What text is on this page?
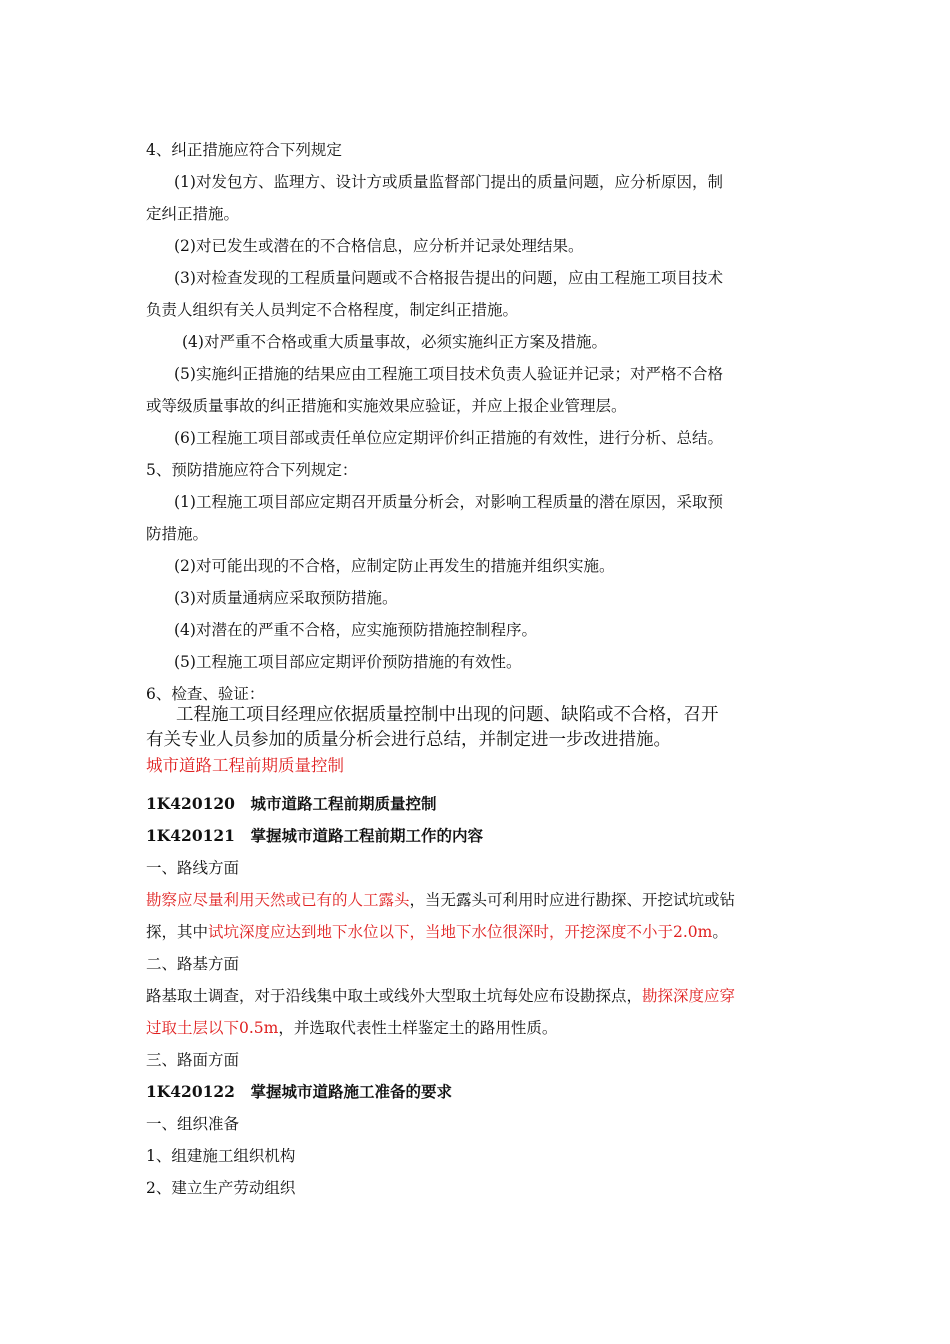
4、纠正措施应符合下列规定
(1)对发包方、监理方、设计方或质量监督部门提出的质量问题，应分析原因，制
定纠正措施。
(2)对已发生或潜在的不合格信息，应分析并记录处理结果。
(3)对检查发现的工程质量问题或不合格报告提出的问题，应由工程施工项目技术
负责人组织有关人员判定不合格程度，制定纠正措施。
(4)对严重不合格或重大质量事故，必须实施纠正方案及措施。
(5)实施纠正措施的结果应由工程施工项目技术负责人验证并记录；对严格不合格
或等级质量事故的纠正措施和实施效果应验证，并应上报企业管理层。
(6)工程施工项目部或责任单位应定期评价纠正措施的有效性，进行分析、总结。
5、预防措施应符合下列规定：
(1)工程施工项目部应定期召开质量分析会，对影响工程质量的潜在原因，采取预
防措施。
(2)对可能出现的不合格，应制定防止再发生的措施并组织实施。
(3)对质量通病应采取预防措施。
(4)对潜在的严重不合格，应实施预防措施控制程序。
(5)工程施工项目部应定期评价预防措施的有效性。
6、检查、验证：
工程施工项目经理应依据质量控制中出现的问题、缺陷或不合格，召开
有关专业人员参加的质量分析会进行总结，并制定进一步改进措施。
城市道路工程前期质量控制
1K420120　城市道路工程前期质量控制
1K420121　掌握城市道路工程前期工作的内容
一、路线方面
勘察应尽量利用天然或已有的人工露头，当无露头可利用时应进行勘探、开挖试坑或钻
探，其中试坑深度应达到地下水位以下，当地下水位很深时，开挖深度不小于2.0m。
二、路基方面
路基取土调查，对于沿线集中取土或线外大型取土坑每处应布设勘探点，勘探深度应穿
过取土层以下0.5m，并选取代表性土样鉴定土的路用性质。
三、路面方面
1K420122　掌握城市道路施工准备的要求
一、组织准备
1、组建施工组织机构
2、建立生产劳动组织
